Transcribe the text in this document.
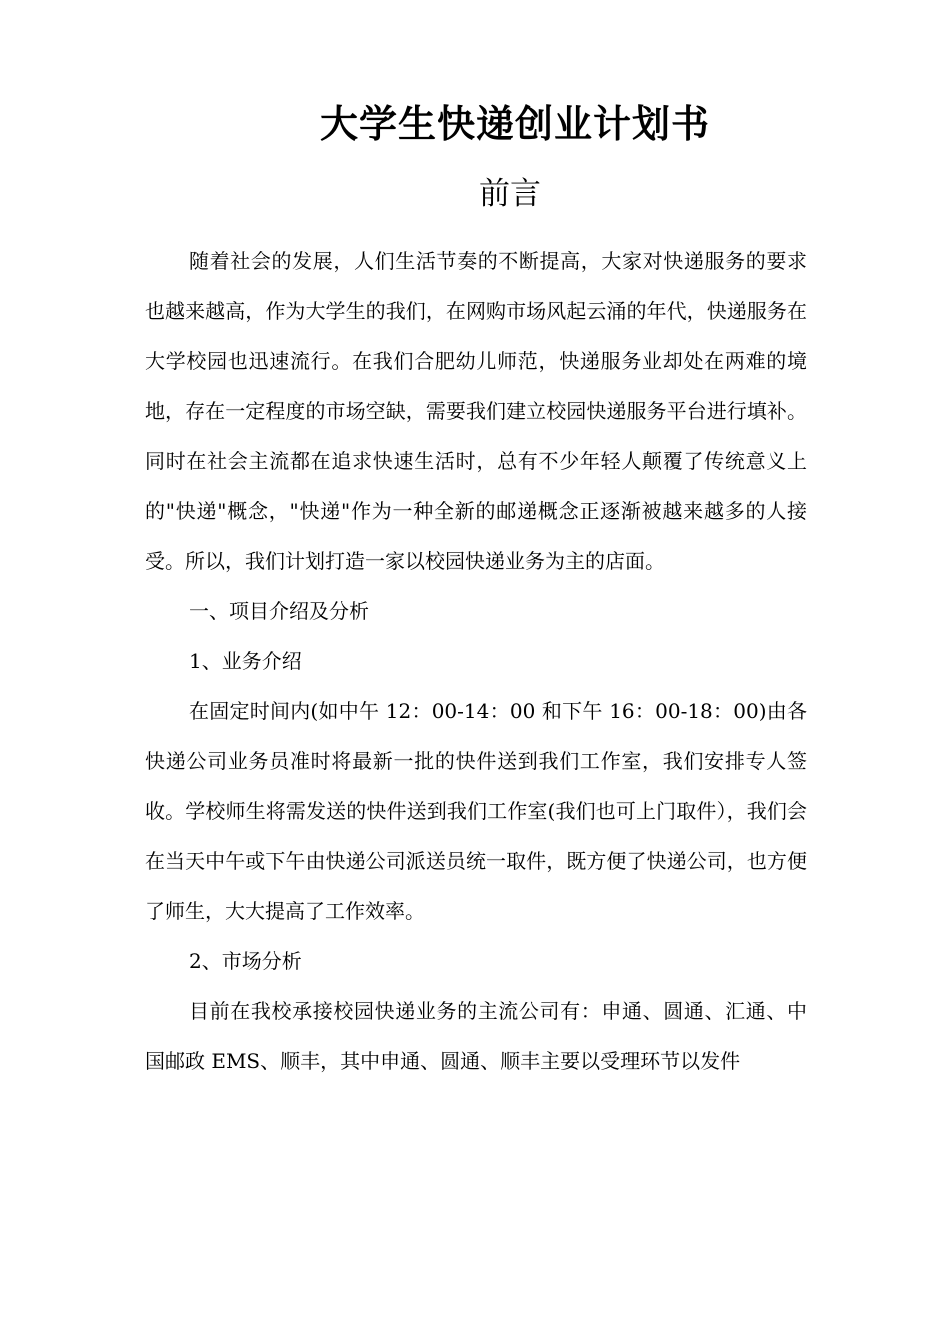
大学生快递创业计划书
前言

随着社会的发展，人们生活节奏的不断提高，大家对快递服务的要求也越来越高，作为大学生的我们，在网购市场风起云涌的年代，快递服务在大学校园也迅速流行。在我们合肥幼儿师范，快递服务业却处在两难的境地，存在一定程度的市场空缺，需要我们建立校园快递服务平台进行填补。同时在社会主流都在追求快速生活时，总有不少年轻人颠覆了传统意义上的"快递"概念，"快递"作为一种全新的邮递概念正逐渐被越来越多的人接受。所以，我们计划打造一家以校园快递业务为主的店面。

一、项目介绍及分析

1、业务介绍

在固定时间内(如中午 12：00-14：00 和下午 16：00-18：00)由各快递公司业务员准时将最新一批的快件送到我们工作室，我们安排专人签收。学校师生将需发送的快件送到我们工作室(我们也可上门取件），我们会在当天中午或下午由快递公司派送员统一取件，既方便了快递公司，也方便了师生，大大提高了工作效率。

2、市场分析

目前在我校承接校园快递业务的主流公司有：申通、圆通、汇通、中国邮政 EMS、顺丰，其中申通、圆通、顺丰主要以受理环节以发件
